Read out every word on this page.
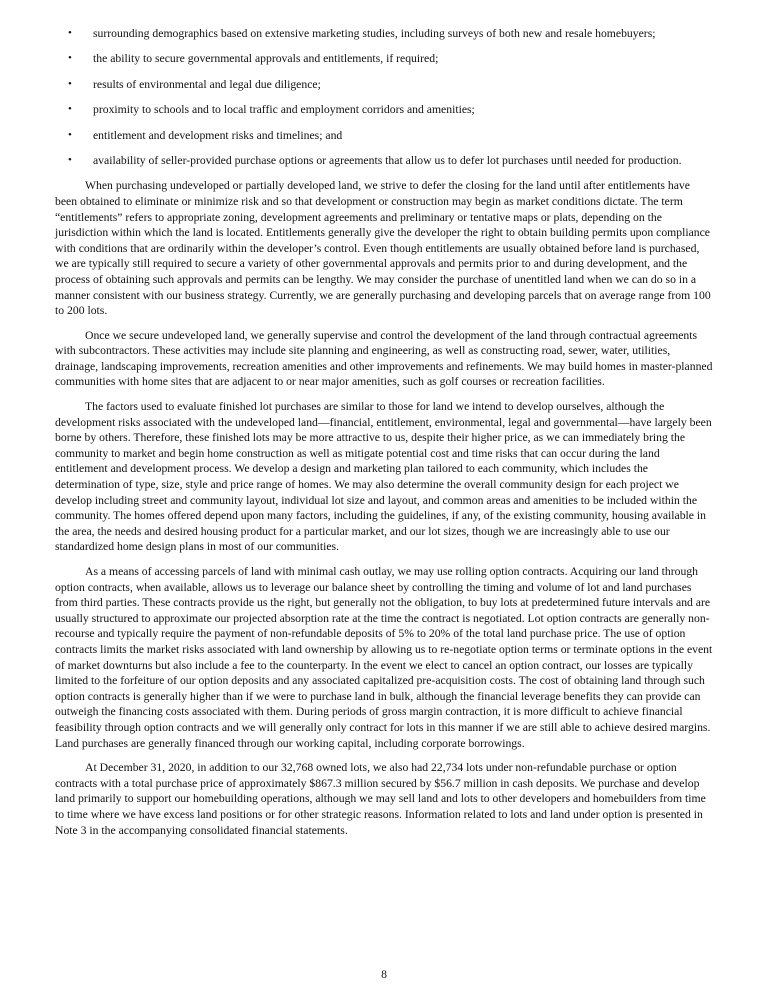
• surrounding demographics based on extensive marketing studies, including surveys of both new and resale homebuyers;
• the ability to secure governmental approvals and entitlements, if required;
• results of environmental and legal due diligence;
• proximity to schools and to local traffic and employment corridors and amenities;
• entitlement and development risks and timelines; and
• availability of seller-provided purchase options or agreements that allow us to defer lot purchases until needed for production.

When purchasing undeveloped or partially developed land, we strive to defer the closing for the land until after entitlements have been obtained to eliminate or minimize risk and so that development or construction may begin as market conditions dictate. The term “entitlements” refers to appropriate zoning, development agreements and preliminary or tentative maps or plats, depending on the jurisdiction within which the land is located. Entitlements generally give the developer the right to obtain building permits upon compliance with conditions that are ordinarily within the developer’s control. Even though entitlements are usually obtained before land is purchased, we are typically still required to secure a variety of other governmental approvals and permits prior to and during development, and the process of obtaining such approvals and permits can be lengthy. We may consider the purchase of unentitled land when we can do so in a manner consistent with our business strategy. Currently, we are generally purchasing and developing parcels that on average range from 100 to 200 lots.

Once we secure undeveloped land, we generally supervise and control the development of the land through contractual agreements with subcontractors. These activities may include site planning and engineering, as well as constructing road, sewer, water, utilities, drainage, landscaping improvements, recreation amenities and other improvements and refinements. We may build homes in master-planned communities with home sites that are adjacent to or near major amenities, such as golf courses or recreation facilities.

The factors used to evaluate finished lot purchases are similar to those for land we intend to develop ourselves, although the development risks associated with the undeveloped land—financial, entitlement, environmental, legal and governmental—have largely been borne by others. Therefore, these finished lots may be more attractive to us, despite their higher price, as we can immediately bring the community to market and begin home construction as well as mitigate potential cost and time risks that can occur during the land entitlement and development process. We develop a design and marketing plan tailored to each community, which includes the determination of type, size, style and price range of homes. We may also determine the overall community design for each project we develop including street and community layout, individual lot size and layout, and common areas and amenities to be included within the community. The homes offered depend upon many factors, including the guidelines, if any, of the existing community, housing available in the area, the needs and desired housing product for a particular market, and our lot sizes, though we are increasingly able to use our standardized home design plans in most of our communities.

As a means of accessing parcels of land with minimal cash outlay, we may use rolling option contracts. Acquiring our land through option contracts, when available, allows us to leverage our balance sheet by controlling the timing and volume of lot and land purchases from third parties. These contracts provide us the right, but generally not the obligation, to buy lots at predetermined future intervals and are usually structured to approximate our projected absorption rate at the time the contract is negotiated. Lot option contracts are generally non-recourse and typically require the payment of non-refundable deposits of 5% to 20% of the total land purchase price. The use of option contracts limits the market risks associated with land ownership by allowing us to re-negotiate option terms or terminate options in the event of market downturns but also include a fee to the counterparty. In the event we elect to cancel an option contract, our losses are typically limited to the forfeiture of our option deposits and any associated capitalized pre-acquisition costs. The cost of obtaining land through such option contracts is generally higher than if we were to purchase land in bulk, although the financial leverage benefits they can provide can outweigh the financing costs associated with them. During periods of gross margin contraction, it is more difficult to achieve financial feasibility through option contracts and we will generally only contract for lots in this manner if we are still able to achieve desired margins. Land purchases are generally financed through our working capital, including corporate borrowings.

At December 31, 2020, in addition to our 32,768 owned lots, we also had 22,734 lots under non-refundable purchase or option contracts with a total purchase price of approximately $867.3 million secured by $56.7 million in cash deposits. We purchase and develop land primarily to support our homebuilding operations, although we may sell land and lots to other developers and homebuilders from time to time where we have excess land positions or for other strategic reasons. Information related to lots and land under option is presented in Note 3 in the accompanying consolidated financial statements.

8
